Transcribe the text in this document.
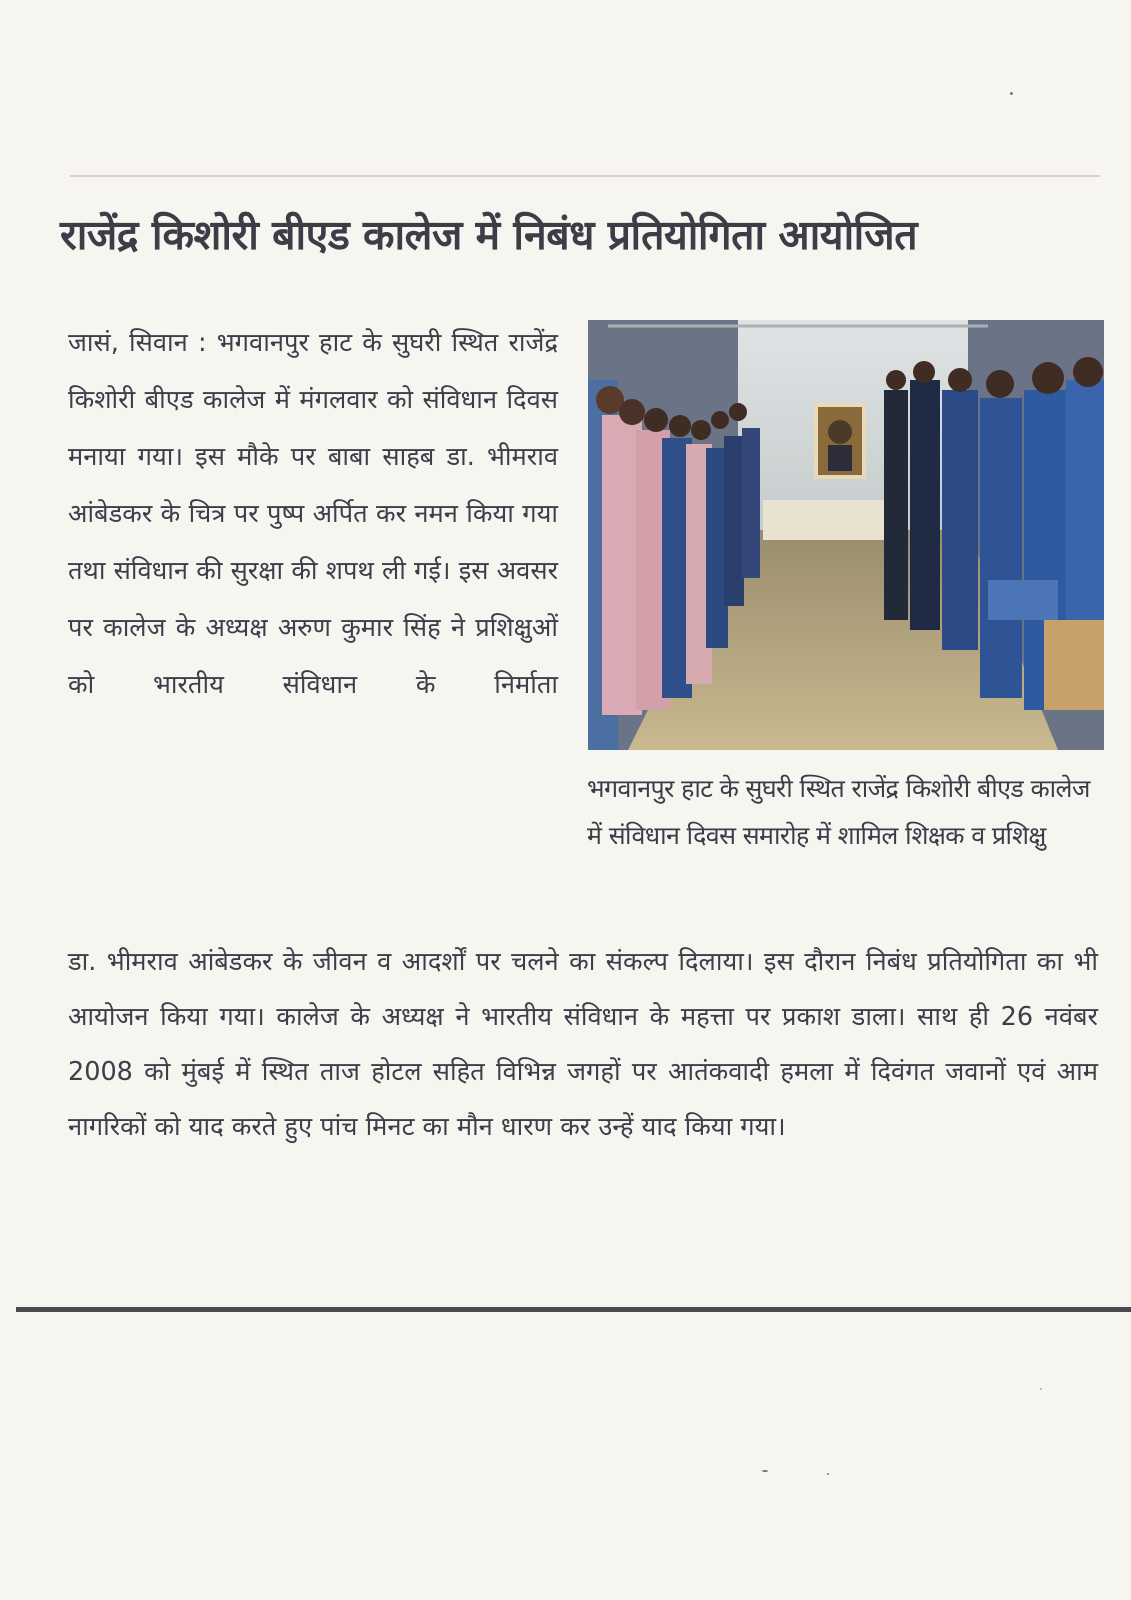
राजेंद्र किशोरी बीएड कालेज में निबंध प्रतियोगिता आयोजित

जासं, सिवान : भगवानपुर हाट के सुघरी स्थित राजेंद्र किशोरी बीएड कालेज में मंगलवार को संविधान दिवस मनाया गया। इस मौके पर बाबा साहब डा. भीमराव आंबेडकर के चित्र पर पुष्प अर्पित कर नमन किया गया तथा संविधान की सुरक्षा की शपथ ली गई। इस अवसर पर कालेज के अध्यक्ष अरुण कुमार सिंह ने प्रशिक्षुओं को भारतीय संविधान के निर्माता

भगवानपुर हाट के सुघरी स्थित राजेंद्र किशोरी बीएड कालेज में संविधान दिवस समारोह में शामिल शिक्षक व प्रशिक्षु

डा. भीमराव आंबेडकर के जीवन व आदर्शों पर चलने का संकल्प दिलाया। इस दौरान निबंध प्रतियोगिता का भी आयोजन किया गया। कालेज के अध्यक्ष ने भारतीय संविधान के महत्ता पर प्रकाश डाला। साथ ही 26 नवंबर 2008 को मुंबई में स्थित ताज होटल सहित विभिन्न जगहों पर आतंकवादी हमला में दिवंगत जवानों एवं आम नागरिकों को याद करते हुए पांच मिनट का मौन धारण कर उन्हें याद किया गया।
